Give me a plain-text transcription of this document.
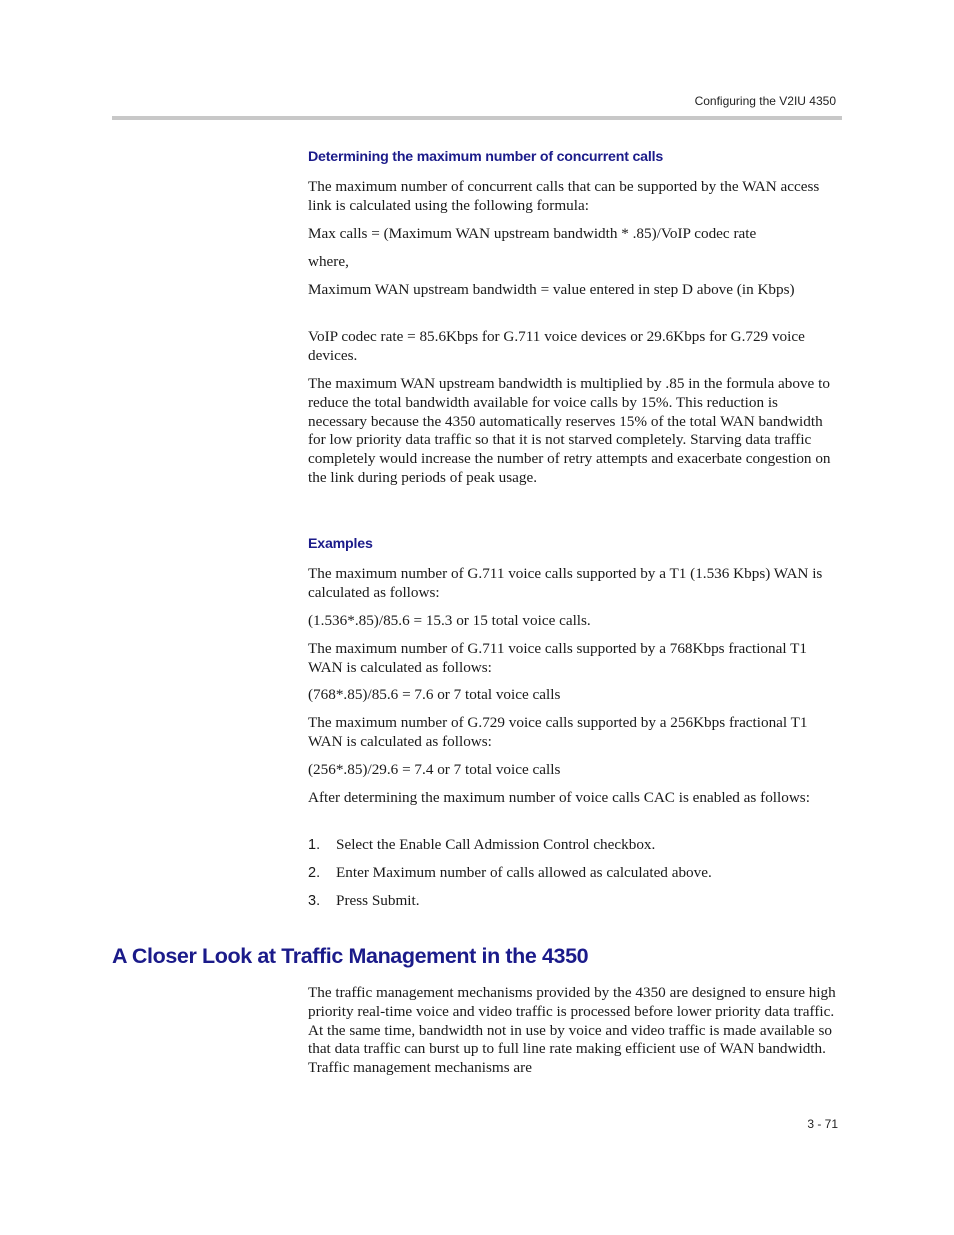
Configuring the V2IU 4350
Determining the maximum number of concurrent calls

The maximum number of concurrent calls that can be supported by the WAN access link is calculated using the following formula:

Max calls = (Maximum WAN upstream bandwidth * .85)/VoIP codec rate

where,

Maximum WAN upstream bandwidth = value entered in step D above (in Kbps)

VoIP codec rate = 85.6Kbps for G.711 voice devices or 29.6Kbps for G.729 voice devices.

The maximum WAN upstream bandwidth is multiplied by .85 in the formula above to reduce the total bandwidth available for voice calls by 15%. This reduction is necessary because the 4350 automatically reserves 15% of the total WAN bandwidth for low priority data traffic so that it is not starved completely. Starving data traffic completely would increase the number of retry attempts and exacerbate congestion on the link during periods of peak usage.

Examples

The maximum number of G.711 voice calls supported by a T1 (1.536 Kbps) WAN is calculated as follows:

(1.536*.85)/85.6 = 15.3 or 15 total voice calls.

The maximum number of G.711 voice calls supported by a 768Kbps fractional T1 WAN is calculated as follows:

(768*.85)/85.6 = 7.6 or 7 total voice calls

The maximum number of G.729 voice calls supported by a 256Kbps fractional T1 WAN is calculated as follows:

(256*.85)/29.6 = 7.4 or 7 total voice calls

After determining the maximum number of voice calls CAC is enabled as follows:

1. Select the Enable Call Admission Control checkbox.
2. Enter Maximum number of calls allowed as calculated above.
3. Press Submit.
A Closer Look at Traffic Management in the 4350

The traffic management mechanisms provided by the 4350 are designed to ensure high priority real-time voice and video traffic is processed before lower priority data traffic. At the same time, bandwidth not in use by voice and video traffic is made available so that data traffic can burst up to full line rate making efficient use of WAN bandwidth. Traffic management mechanisms are

3 - 71
